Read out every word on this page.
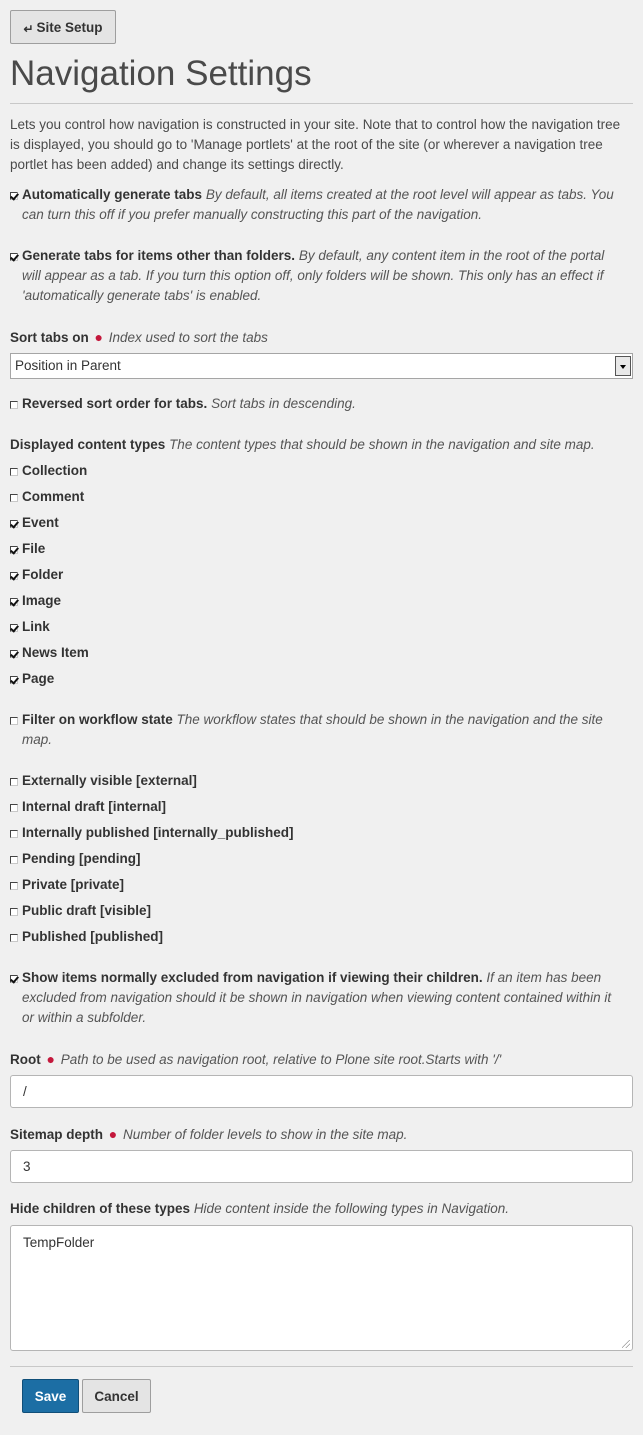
↵ Site Setup
Navigation Settings

Lets you control how navigation is constructed in your site. Note that to control how the navigation tree is displayed, you should go to 'Manage portlets' at the root of the site (or wherever a navigation tree portlet has been added) and change its settings directly.

Automatically generate tabs By default, all items created at the root level will appear as tabs. You can turn this off if you prefer manually constructing this part of the navigation.
Generate tabs for items other than folders. By default, any content item in the root of the portal will appear as a tab. If you turn this option off, only folders will be shown. This only has an effect if 'automatically generate tabs' is enabled.
Sort tabs on ● Index used to sort the tabs
Position in Parent
Reversed sort order for tabs. Sort tabs in descending.
Displayed content types The content types that should be shown in the navigation and site map.
Collection
Comment
Event
File
Folder
Image
Link
News Item
Page
Filter on workflow state The workflow states that should be shown in the navigation and the site map.
Externally visible [external]
Internal draft [internal]
Internally published [internally_published]
Pending [pending]
Private [private]
Public draft [visible]
Published [published]
Show items normally excluded from navigation if viewing their children. If an item has been excluded from navigation should it be shown in navigation when viewing content contained within it or within a subfolder.
Root ● Path to be used as navigation root, relative to Plone site root.Starts with '/'
/
Sitemap depth ● Number of folder levels to show in the site map.
3
Hide children of these types Hide content inside the following types in Navigation.
TempFolder
Save	Cancel
